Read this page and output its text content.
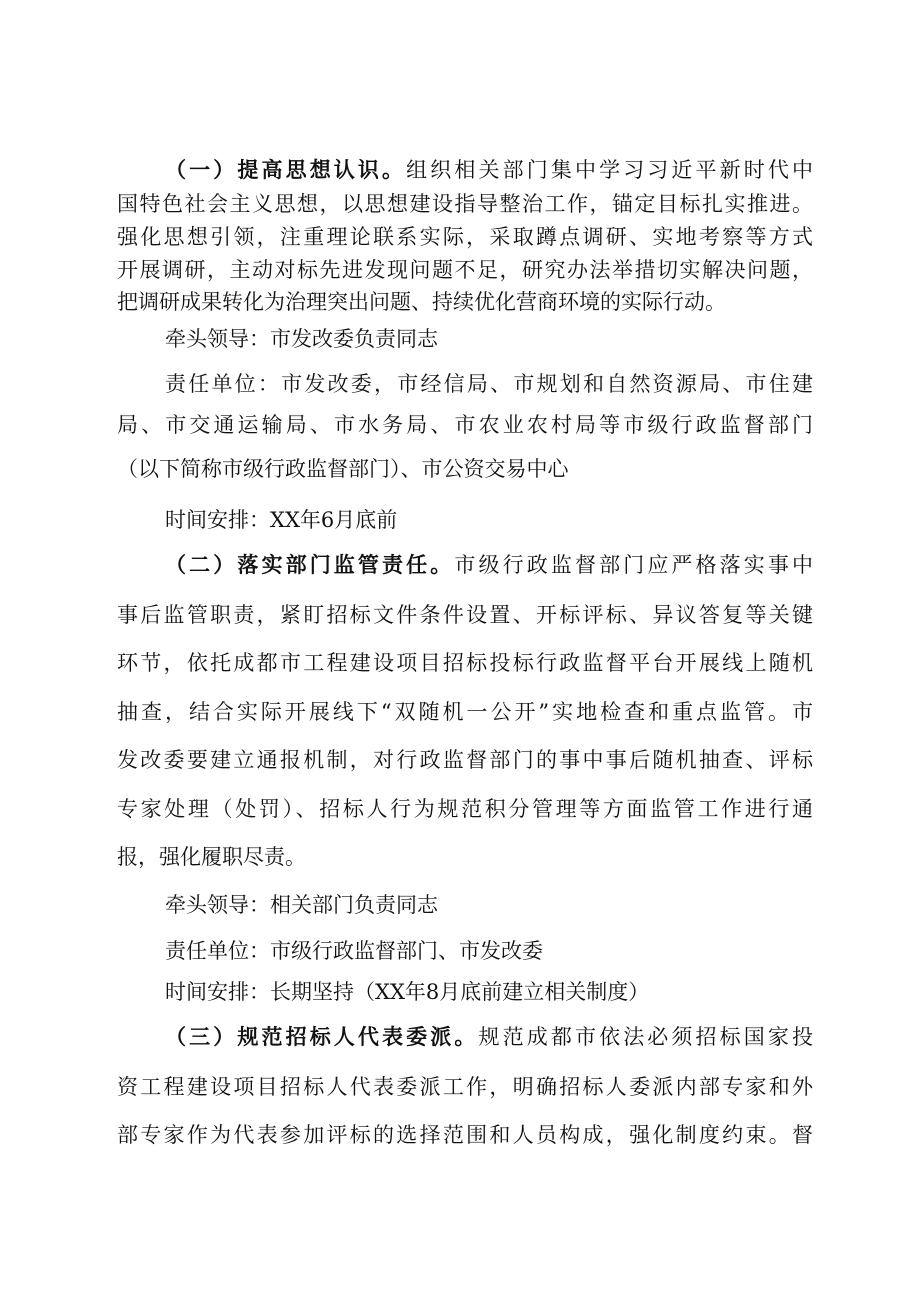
（一）提高思想认识。组织相关部门集中学习习近平新时代中
国特色社会主义思想，以思想建设指导整治工作，锚定目标扎实推进。
强化思想引领，注重理论联系实际，采取蹲点调研、实地考察等方式
开展调研，主动对标先进发现问题不足，研究办法举措切实解决问题，
把调研成果转化为治理突出问题、持续优化营商环境的实际行动。
牵头领导：市发改委负责同志
责任单位：市发改委，市经信局、市规划和自然资源局、市住建
局、市交通运输局、市水务局、市农业农村局等市级行政监督部门
（以下简称市级行政监督部门）、市公资交易中心
时间安排：XX年6月底前
（二）落实部门监管责任。市级行政监督部门应严格落实事中
事后监管职责，紧盯招标文件条件设置、开标评标、异议答复等关键
环节，依托成都市工程建设项目招标投标行政监督平台开展线上随机
抽查，结合实际开展线下“双随机一公开”实地检查和重点监管。市
发改委要建立通报机制，对行政监督部门的事中事后随机抽查、评标
专家处理（处罚）、招标人行为规范积分管理等方面监管工作进行通
报，强化履职尽责。
牵头领导：相关部门负责同志
责任单位：市级行政监督部门、市发改委
时间安排：长期坚持（XX年8月底前建立相关制度）
（三）规范招标人代表委派。规范成都市依法必须招标国家投
资工程建设项目招标人代表委派工作，明确招标人委派内部专家和外
部专家作为代表参加评标的选择范围和人员构成，强化制度约束。督
